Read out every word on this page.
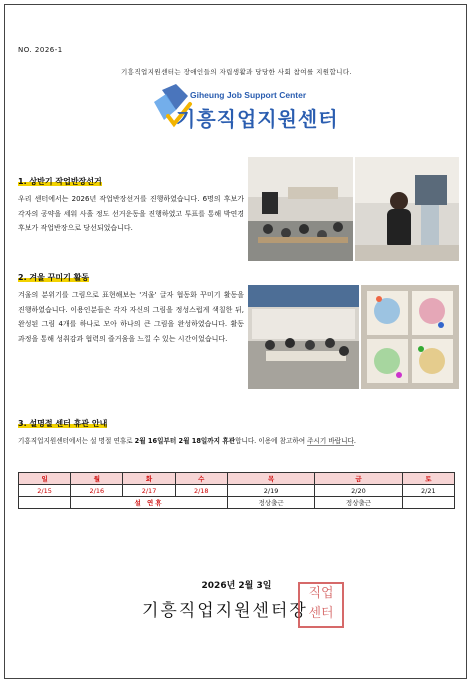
NO. 2026-1
기흥직업지원센터는 장애인들의 자립생활과 당당한 사회 참여를 지원합니다.
Giheung Job Support Center
기흥직업지원센터
1. 상반기 작업반장선거
우리 센터에서는 2026년 작업반장선거를 진행하였습니다. 6명의 후보가 각자의 공약을 세워 사흘 정도 선거운동을 진행하였고 투표를 통해 박연경 후보가 작업반장으로 당선되었습니다.
2. 겨울 꾸미기 활동
겨울의 분위기를 그림으로 표현해보는 '겨울' 글자 협동화 꾸미기 활동을 진행하였습니다. 이용인분들은 각자 자신의 그림을 정성스럽게 색칠한 뒤, 완성된 그림 4개를 하나로 모아 하나의 큰 그림을 완성하였습니다. 활동 과정을 통해 성취감과 협력의 즐거움을 느낄 수 있는 시간이었습니다.
3. 설명절 센터 휴관 안내
기흥직업지원센터에서는 설 명절 연휴로 2월 16일부터 2월 18일까지 휴관합니다. 이용에 참고하여 주시기 바랍니다.
일	월	화	수	목	금	토
2/15	2/16	2/17	2/18	2/19	2/20	2/21
	설 연휴			정상출근	정상출근	
2026년 2월 3일
기흥직업지원센터장
직업
센터
